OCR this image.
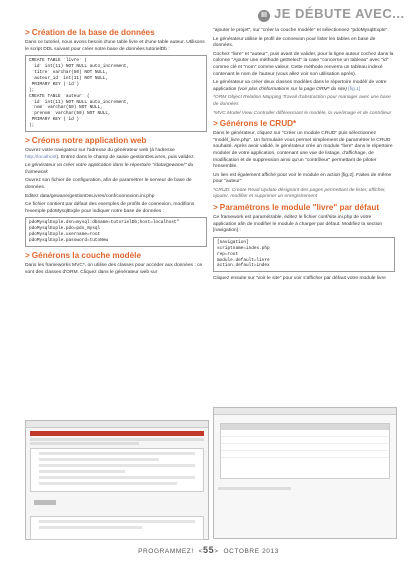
III JE DÉBUTE AVEC...
> Création de la base de données

Dans ce tutoriel, nous avons besoin d'une table livre et d'une table auteur. Utilisons le script DDL suivant pour créer notre base de données tutorielDb :

CREATE TABLE `livre` (
`id` int(11) NOT NULL auto_increment,
`titre` varchar(50) NOT NULL,
`auteur_id` int(11) NOT NULL,
PRIMARY KEY (`id`)
);
CREATE TABLE `auteur` (
`id` int(11) NOT NULL auto_increment,
`nom` varchar(50) NOT NULL,
`prenom` varchar(50) NOT NULL,
PRIMARY KEY (`id`)
);
> Créons notre application web

Ouvrez votre navigateur sur l'adresse du générateur web (à l'adresse http://localhost). Entrez dans le champ de saisie gestionDeLivres, puis validez.

Le générateur va créer votre application dans le répertoire "/data/gewane/" du framework

Ouvrez son fichier de configuration, afin de paramétrer le serveur de base de données.

Editez data/gewane/gestionDeLivres/conf/connexion.ini.php

Ce fichier contient par défaut des exemples de profils de connexion, modifions l'exemple pdoMysqlExple pour indiquer notre base de données :

pdoMysqlExple.dsn=mysql:dbname=tutorielDb;host=localhost"
pdoMysqlExple.pdo=pdo_mysql
pdoMysqlExple.username=root
pdoMysqlExple.password=tutoNew
> Générons la couche modèle

Dans les frameworks MVC*, on utilise des classes pour accéder aux données : ce sont des classes d'ORM. Cliquez dans le générateur web sur

"ajouter le projet", sur "créer la couche modèle" et sélectionnez "pdoMysqlExple".

Le générateur utilise le profil de connexion pour lister les tables en base de données.

Cochez "livre" et "auteur", puis avant de valider, pour la ligne auteur cochez dans la colonne "Ajouter une méthode getSelect" la case "concerne un tableau" avec "id" comme clé et "nom" comme valeur. Cette méthode renverra un tableau indexé contenant le nom de l'auteur (vous allez voir son utilisation après).

Le générateur va créer deux classes modèles dans le répertoire modèl/ de votre application (voir plus d'informations sur la page ORM* du site) [fig.1]

*ORM Object Relation Mapping Travail d'abstraction pour manager avec une base de données

*MVC Model View Controller différenciant le modèle, la vue/image et de contrôleur

> Générons le CRUD*

Dans le générateur, cliquez sur "Créer un module CRUD" puis sélectionnez "modèl_livre.php". Un formulaire vous permet simplement de paramétrer le CRUD souhaité. Après avoir validé, le générateur crée un module "livre" dans le répertoire module/ de votre application, contenant une vue de listage, d'affichage, de modification et de suppression ainsi qu'un "contrôleur" permettant de piloter l'ensemble.

Un lien est également affiché pour voir le module en action [fig.2]. Faites de même pour "auteur"

*CRUD: Create Read Update désignant des pages permettant de lister, afficher, ajouter, modifier et supprimer un enregistrement

> Paramétrons le module "livre" par défaut

Ce framework est paramétrable, éditez le fichier conf/site.ini.php de votre application afin de modifier le module à charger par défaut. Modifiez la section [navigation] :

[navigation]
scriptname=index.php
rep=root
module.default=livre
action.default=index

Cliquez ensuite sur "voir le site" pour voir s'afficher par défaut votre module livre

PROGRAMMEZ!  <55>  OCTOBRE 2013
